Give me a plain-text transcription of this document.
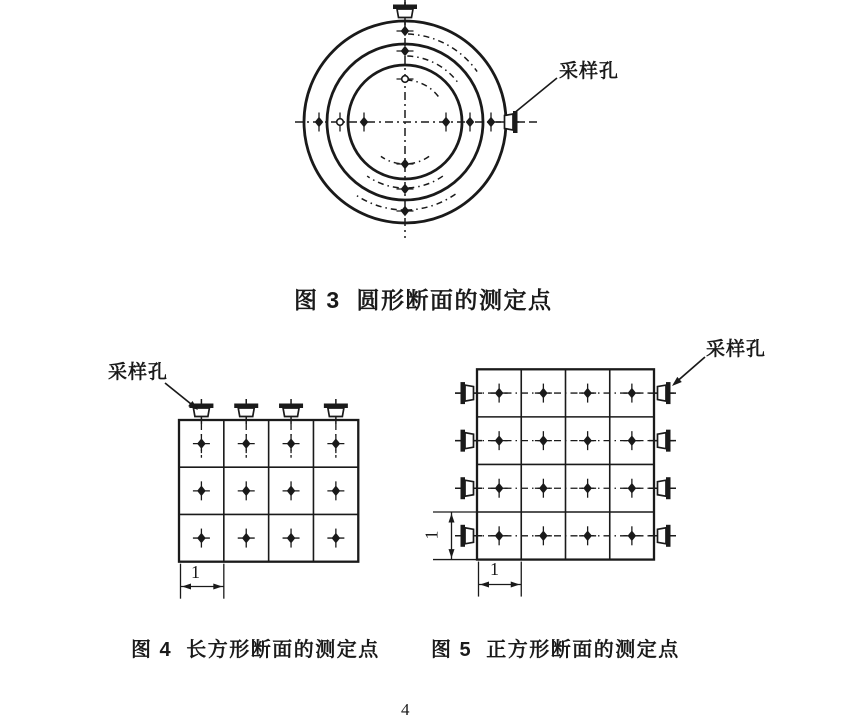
图 3  圆形断面的测定点
图 4  长方形断面的测定点	图 5  正方形断面的测定点
采样孔
采样孔
采样孔
1	1
1
4
